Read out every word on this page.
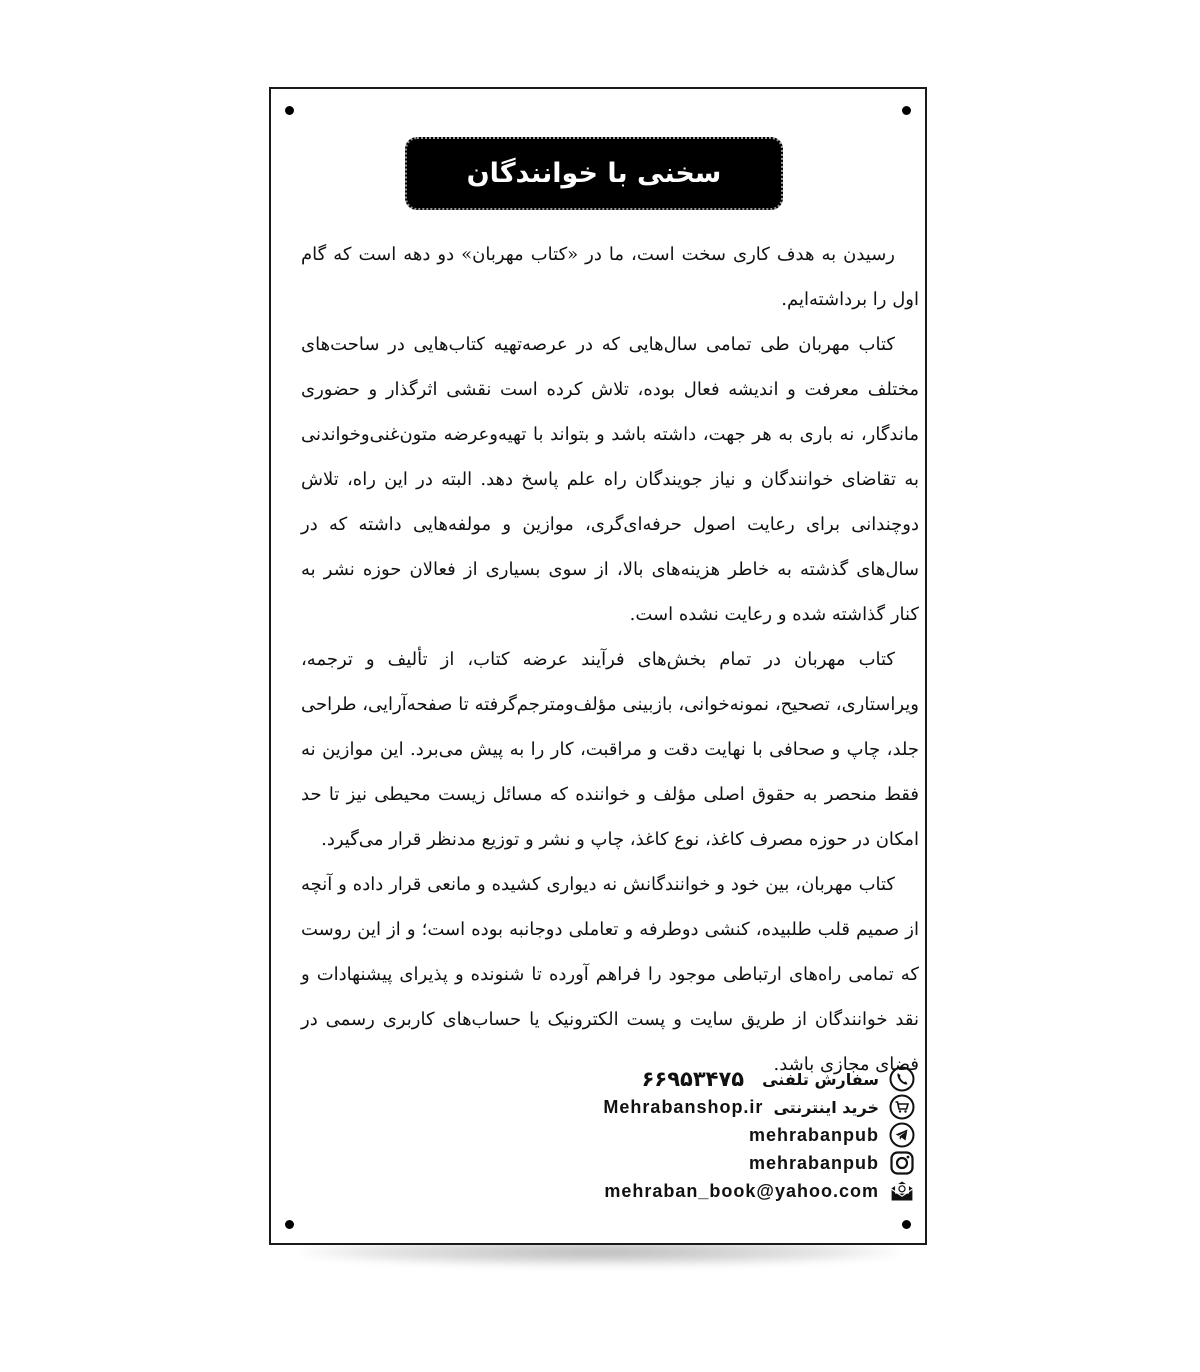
سخنی با خوانندگان

رسیدن به هدف کاری سخت است، ما در «کتاب مهربان» دو دهه است که گام اول را برداشته‌ایم.

کتاب مهربان طی تمامی سال‌هایی که در عرصه‌تهیه کتاب‌هایی در ساحت‌های مختلف معرفت و اندیشه فعال بوده، تلاش کرده است نقشی اثرگذار و حضوری ماندگار، نه باری به هر جهت، داشته باشد و بتواند با تهیه‌وعرضه متون‌غنی‌وخواندنی به تقاضای خوانندگان و نیاز جویندگان راه علم پاسخ دهد. البته در این راه، تلاش دوچندانی برای رعایت اصول حرفه‌ای‌گری، موازین و مولفه‌هایی داشته که در سال‌های گذشته به خاطر هزینه‌های بالا، از سوی بسیاری از فعالان حوزه نشر به کنار گذاشته شده و رعایت نشده است.

کتاب مهربان در تمام بخش‌های فرآیند عرضه کتاب، از تألیف و ترجمه، ویراستاری، تصحیح، نمونه‌خوانی، بازبینی مؤلف‌ومترجم‌گرفته تا صفحه‌آرایی، طراحی جلد، چاپ و صحافی با نهایت دقت و مراقبت، کار را به پیش می‌برد. این موازین نه فقط منحصر به حقوق اصلی مؤلف و خواننده که مسائل زیست محیطی نیز تا حد امکان در حوزه مصرف کاغذ، نوع کاغذ، چاپ و نشر و توزیع مدنظر قرار می‌گیرد.

کتاب مهربان، بین خود و خوانندگانش نه دیواری کشیده و مانعی قرار داده و آنچه از صمیم قلب طلبیده، کنشی دوطرفه و تعاملی دوجانبه بوده است؛ و از این روست که تمامی راه‌های ارتباطی موجود را فراهم آورده تا شنونده و پذیرای پیشنهادات و نقد خوانندگان از طریق سایت و پست الکترونیک یا حساب‌های کاربری رسمی در فضای مجازی باشد.

سفارش تلفنی
۶۶۹۵۳۴۷۵
خرید اینترنتی
Mehrabanshop.ir
mehrabanpub
mehrabanpub
mehraban_book@yahoo.com
